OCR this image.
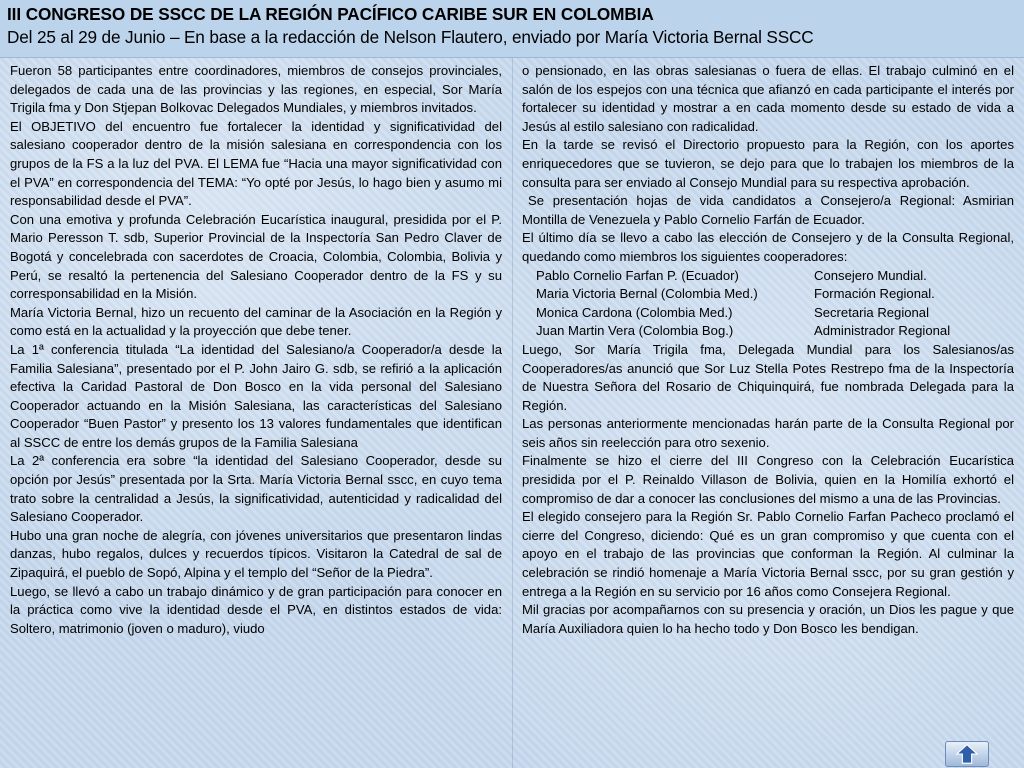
III CONGRESO DE SSCC DE LA REGIÓN PACÍFICO CARIBE SUR EN COLOMBIA
Del 25 al 29 de Junio – En base a la redacción de Nelson Flautero, enviado por María Victoria Bernal SSCC

Fueron 58 participantes entre coordinadores, miembros de consejos provinciales, delegados de cada una de las provincias y las regiones, en especial, Sor María Trigila fma y Don Stjepan Bolkovac Delegados Mundiales, y miembros invitados.

El OBJETIVO del encuentro fue fortalecer la identidad y significatividad del salesiano cooperador dentro de la misión salesiana en correspondencia con los grupos de la FS a la luz del PVA. El LEMA fue “Hacia una mayor significatividad con el PVA” en correspondencia del TEMA: “Yo opté por Jesús, lo hago bien y asumo mi responsabilidad desde el PVA”.

Con una emotiva y profunda Celebración Eucarística inaugural, presidida por el P. Mario Peresson T. sdb, Superior Provincial de la Inspectoría San Pedro Claver de Bogotá y concelebrada con sacerdotes de Croacia, Colombia, Colombia, Bolivia y Perú, se resaltó la pertenencia del Salesiano Cooperador dentro de la FS y su corresponsabilidad en la Misión.

María Victoria Bernal, hizo un recuento del caminar de la Asociación en la Región y como está en la actualidad y la proyección que debe tener.

La 1ª conferencia titulada “La identidad del Salesiano/a Cooperador/a desde la Familia Salesiana”, presentado por el P. John Jairo G. sdb, se refirió a la aplicación efectiva la Caridad Pastoral de Don Bosco en la vida personal del Salesiano Cooperador actuando en la Misión Salesiana, las características del Salesiano Cooperador “Buen Pastor” y presento los 13 valores fundamentales que identifican al SSCC de entre los demás grupos de la Familia Salesiana

La 2ª conferencia era sobre “la identidad del Salesiano Cooperador, desde su opción por Jesús” presentada por la Srta. María Victoria Bernal sscc, en cuyo tema trato sobre la centralidad a Jesús, la significatividad, autenticidad y radicalidad del Salesiano Cooperador.

Hubo una gran noche de alegría, con jóvenes universitarios que presentaron lindas danzas, hubo regalos, dulces y recuerdos típicos. Visitaron la Catedral de sal de Zipaquirá, el pueblo de Sopó, Alpina y el templo del “Señor de la Piedra”.

Luego, se llevó a cabo un trabajo dinámico y de gran participación para conocer en la práctica como vive la identidad desde el PVA, en distintos estados de vida: Soltero, matrimonio (joven o maduro), viudo

o pensionado, en las obras salesianas o fuera de ellas. El trabajo culminó en el salón de los espejos con una técnica que afianzó en cada participante el interés por fortalecer su identidad y mostrar a en cada momento desde su estado de vida a Jesús al estilo salesiano con radicalidad.

En la tarde se revisó el Directorio propuesto para la Región, con los aportes enriquecedores que se tuvieron, se dejo para que lo trabajen los miembros de la consulta para ser enviado al Consejo Mundial para su respectiva aprobación.

Se presentación hojas de vida candidatos a Consejero/a Regional: Asmirian Montilla de Venezuela y Pablo Cornelio Farfán de Ecuador.

El último día se llevo a cabo las elección de Consejero y de la Consulta Regional, quedando como miembros los siguientes cooperadores:

Pablo Cornelio Farfan P. (Ecuador)	Consejero Mundial.

Maria Victoria Bernal (Colombia Med.)	Formación Regional.

Monica Cardona (Colombia Med.)	Secretaria Regional

Juan Martin Vera (Colombia Bog.)	Administrador Regional

Luego, Sor María Trigila fma, Delegada Mundial para los Salesianos/as Cooperadores/as anunció que Sor Luz Stella Potes Restrepo fma de la Inspectoría de Nuestra Señora del Rosario de Chiquinquirá, fue nombrada Delegada para la Región.

Las personas anteriormente mencionadas harán parte de la Consulta Regional por seis años sin reelección para otro sexenio.

Finalmente se hizo el cierre del III Congreso con la Celebración Eucarística presidida por el P. Reinaldo Villason de Bolivia, quien en la Homilía exhortó el compromiso de dar a conocer las conclusiones del mismo a una de las Provincias.

El elegido consejero para la Región Sr. Pablo Cornelio Farfan Pacheco proclamó el cierre del Congreso, diciendo: Qué es un gran compromiso y que cuenta con el apoyo en el trabajo de las provincias que conforman la Región. Al culminar la celebración se rindió homenaje a María Victoria Bernal sscc, por su gran gestión y entrega a la Región en su servicio por 16 años como Consejera Regional.

Mil gracias por acompañarnos con su presencia y oración, un Dios les pague y que María Auxiliadora quien lo ha hecho todo y Don Bosco les bendigan.
